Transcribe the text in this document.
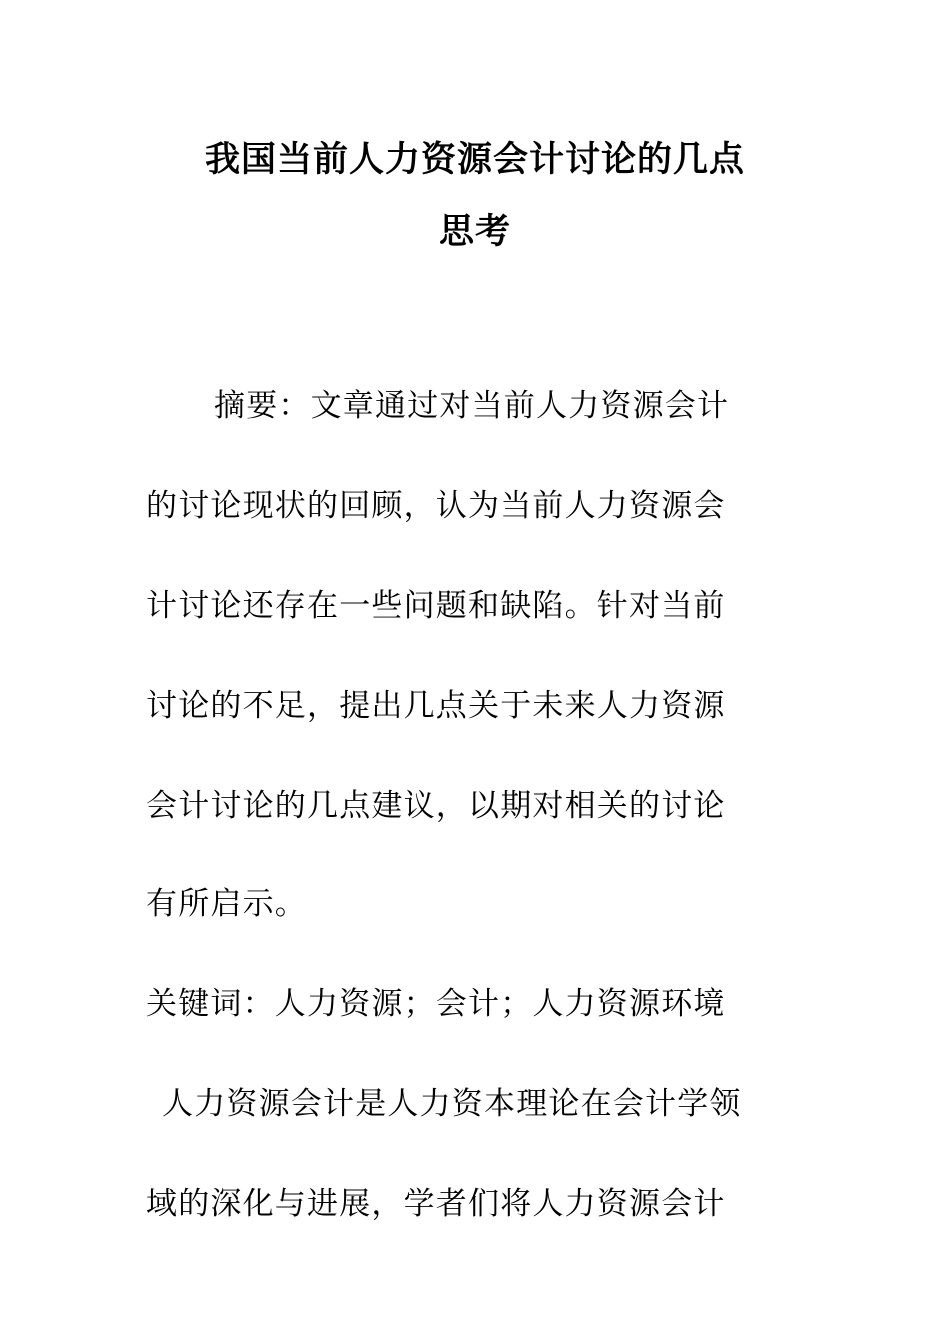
我国当前人力资源会计讨论的几点
思考
摘要：文章通过对当前人力资源会计
的讨论现状的回顾，认为当前人力资源会
计讨论还存在一些问题和缺陷。针对当前
讨论的不足，提出几点关于未来人力资源
会计讨论的几点建议，以期对相关的讨论
有所启示。
关键词：人力资源；会计；人力资源环境
人力资源会计是人力资本理论在会计学领
域的深化与进展，学者们将人力资源会计
